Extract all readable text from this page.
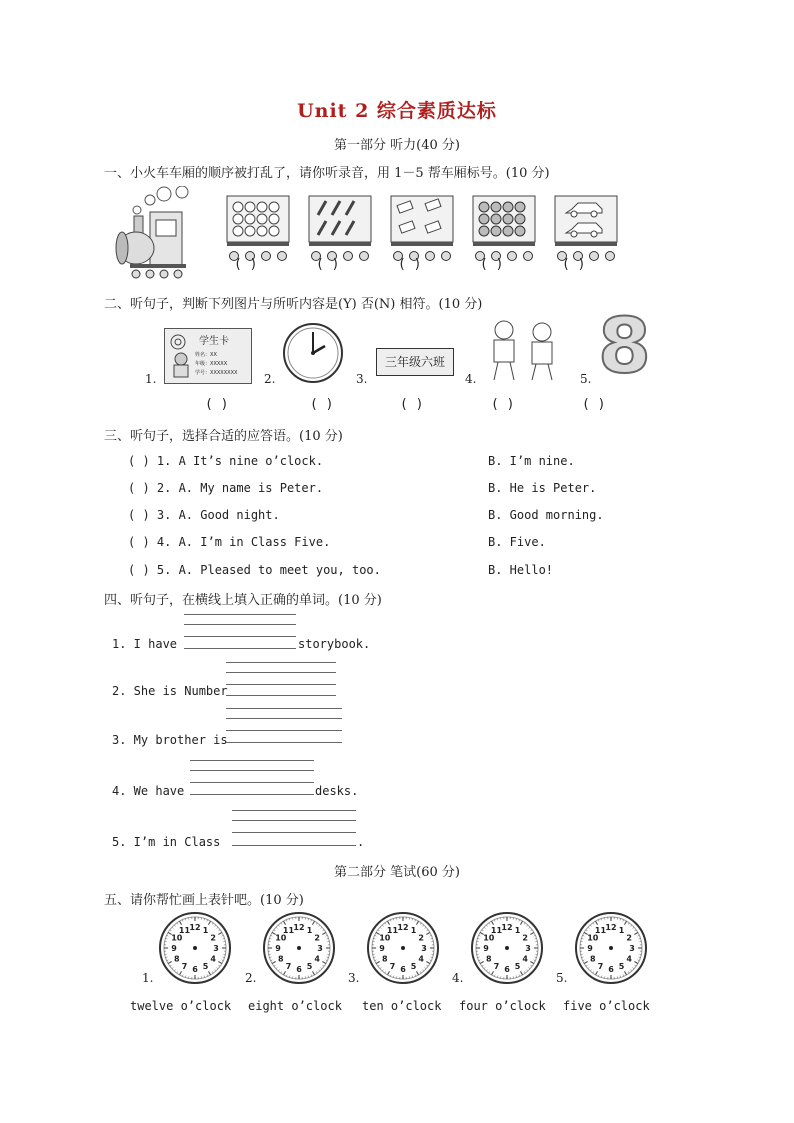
Unit 2 综合素质达标
第一部分 听力(40 分)
一、小火车车厢的顺序被打乱了，请你听录音，用 1－5 帮车厢标号。(10 分)
( )	( )	( )	( )	( )
二、听句子，判断下列图片与所听内容是(Y) 否(N) 相符。(10 分)
1.
学生卡
姓名：XX
年级：XXXXX
学号：XXXXXXXX 2.	3.
三年级六班
4.	5. 8
( )	( )	( )	( )	( )
三、听句子，选择合适的应答语。(10 分)
( ) 1. A It’s nine o’clock.	B. I’m nine.
( ) 2. A. My name is Peter.	B. He is Peter.
( ) 3. A. Good night.	B. Good morning.
( ) 4. A. I’m in Class Five.	B. Five.
( ) 5. A. Pleased to meet you, too.	B. Hello!
四、听句子，在横线上填入正确的单词。(10 分)
1. I have	storybook.
2. She is Number
3. My brother is
4. We have	desks.
5. I’m in Class	.
第二部分 笔试(60 分)
五、请你帮忙画上表针吧。(10 分)
1.	2.	3.	4.	5.
1
2
3
4
5
6
7
8
9
10
11 12	1
2
3
4
5
6
7
8
9
10
11 12	1
2
3
4
5
6
7
8
9
10
11 12	1
2
3
4
5
6
7
8
9
10
11 12	1
2
3
4
5
6
7
8
9
10
11 12
twelve o’clock eight o’clock ten o’clock four o’clock five o’clock
